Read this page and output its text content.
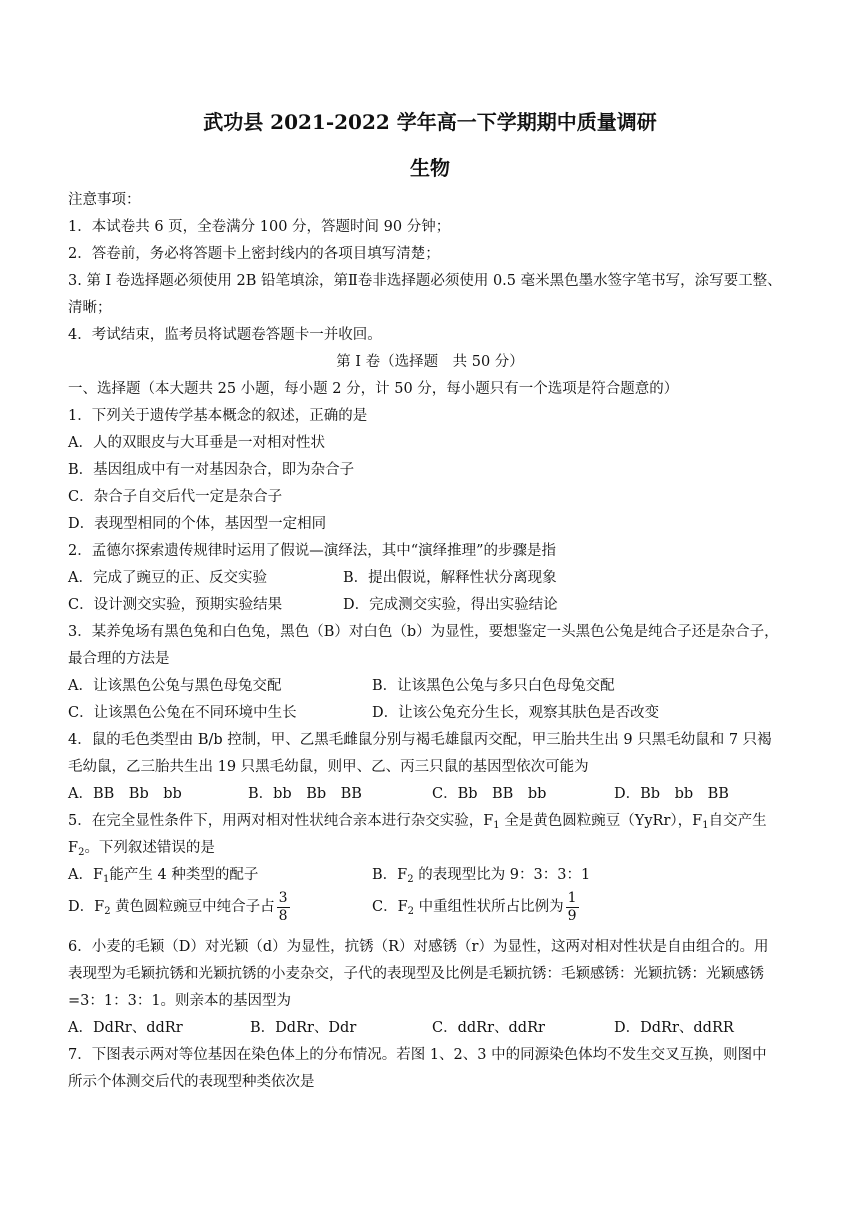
武功县 2021-2022 学年高一下学期期中质量调研
生物
注意事项：
1．本试卷共 6 页，全卷满分 100 分，答题时间 90 分钟；
2．答卷前，务必将答题卡上密封线内的各项目填写清楚；
3. 第 I 卷选择题必须使用 2B 铅笔填涂，第Ⅱ卷非选择题必须使用 0.5 毫米黑色墨水签字笔书写，涂写要工整、
清晰；
4．考试结束，监考员将试题卷答题卡一并收回。
第 I 卷（选择题　共 50 分）
一、选择题（本大题共 25 小题，每小题 2 分，计 50 分，每小题只有一个选项是符合题意的）
1．下列关于遗传学基本概念的叙述，正确的是
A．人的双眼皮与大耳垂是一对相对性状
B．基因组成中有一对基因杂合，即为杂合子
C．杂合子自交后代一定是杂合子
D．表现型相同的个体，基因型一定相同
2．孟德尔探索遗传规律时运用了假说—演绎法，其中“演绎推理”的步骤是指
A．完成了豌豆的正、反交实验	B．提出假说，解释性状分离现象
C．设计测交实验，预期实验结果	D．完成测交实验，得出实验结论
3．某养兔场有黑色兔和白色兔，黑色（B）对白色（b）为显性，要想鉴定一头黑色公兔是纯合子还是杂合子，
最合理的方法是
A．让该黑色公兔与黑色母兔交配	B．让该黑色公兔与多只白色母兔交配
C．让该黑色公兔在不同环境中生长	D．让该公兔充分生长，观察其肤色是否改变
4．鼠的毛色类型由 B/b 控制，甲、乙黑毛雌鼠分别与褐毛雄鼠丙交配，甲三胎共生出 9 只黑毛幼鼠和 7 只褐
毛幼鼠，乙三胎共生出 19 只黑毛幼鼠，则甲、乙、丙三只鼠的基因型依次可能为
A．BB　Bb　bb	B．bb　Bb　BB	C．Bb　BB　bb	D．Bb　bb　BB
5．在完全显性条件下，用两对相对性状纯合亲本进行杂交实验，$F_1$ 全是黄色圆粒豌豆（YyRr），$F_1$自交产生
$F_2$。下列叙述错误的是
A．$F_1$能产生 4 种类型的配子	B．$F_2$ 的表现型比为 9：3：3：1
D．$F_2$ 黄色圆粒豌豆中纯合子占 $\frac{3}{8}$	C．$F_2$ 中重组性状所占比例为 $\frac{1}{9}$
6．小麦的毛颖（D）对光颖（d）为显性，抗锈（R）对感锈（r）为显性，这两对相对性状是自由组合的。用
表现型为毛颖抗锈和光颖抗锈的小麦杂交，子代的表现型及比例是毛颖抗锈：毛颖感锈：光颖抗锈：光颖感锈
=3：1：3：1。则亲本的基因型为
A．DdRr、ddRr	B．DdRr、Ddr	C．ddRr、ddRr	D．DdRr、ddRR
7．下图表示两对等位基因在染色体上的分布情况。若图 1、2、3 中的同源染色体均不发生交叉互换，则图中
所示个体测交后代的表现型种类依次是
